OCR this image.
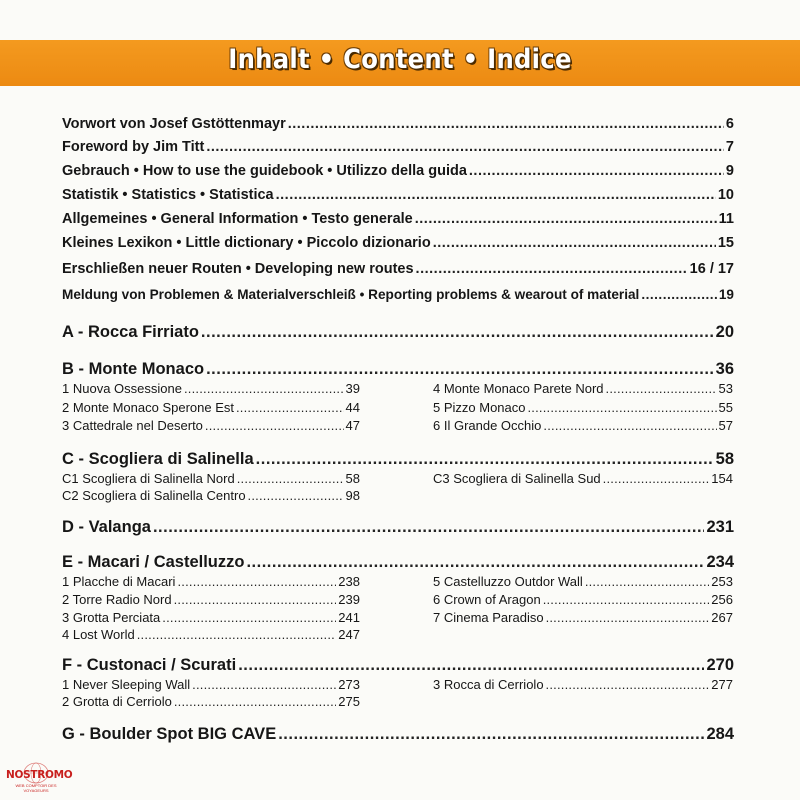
Inhalt • Content • Indice
Vorwort von Josef Gstöttenmayr .....	6
Foreword by Jim Titt .....	7
Gebrauch • How to use the guidebook • Utilizzo della guida .....	9
Statistik • Statistics • Statistica .....	10
Allgemeines • General Information • Testo generale .....	11
Kleines Lexikon • Little dictionary • Piccolo dizionario .....	15
Erschließen neuer Routen • Developing new routes .....	16 / 17
Meldung von Problemen & Materialverschleiß • Reporting problems & wearout of material .....	19
A - Rocca Firriato .....	20
B - Monte Monaco .....	36
1 Nuova Ossessione .....	39
2 Monte Monaco Sperone Est .....	44
3 Cattedrale nel Deserto .....	47
4 Monte Monaco Parete Nord .....	53
5 Pizzo Monaco .....	55
6 Il Grande Occhio .....	57
C - Scogliera di Salinella .....	58
C1 Scogliera di Salinella Nord .....	58
C2 Scogliera di Salinella Centro .....	98
C3 Scogliera di Salinella Sud .....	154
D - Valanga .....	231
E - Macari / Castelluzzo .....	234
1 Placche di Macari .....	238
2 Torre Radio Nord .....	239
3 Grotta Perciata .....	241
4 Lost World .....	247
5 Castelluzzo Outdor Wall .....	253
6 Crown of Aragon .....	256
7 Cinema Paradiso .....	267
F - Custonaci / Scurati .....	270
1 Never Sleeping Wall .....	273
2 Grotta di Cerriolo .....	275
3 Rocca di Cerriolo .....	277
G - Boulder Spot BIG CAVE .....	284
NOSTROMO
WEB COMPTOIR DES VOYAGEURS
